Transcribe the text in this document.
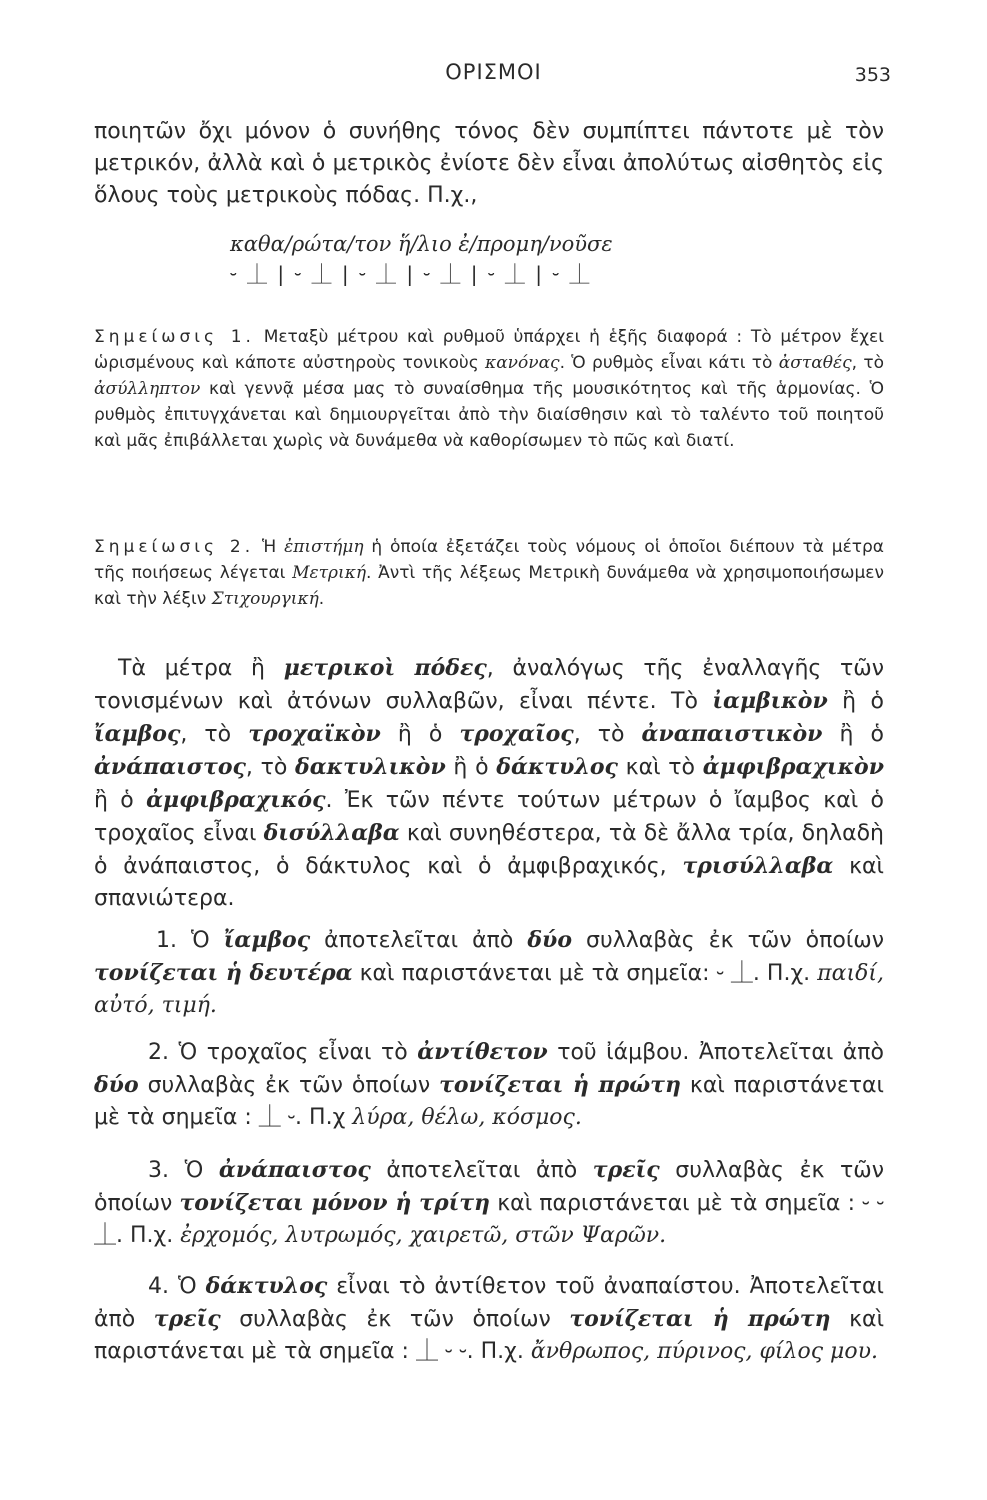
ΟΡΙΣΜΟΙ	353

ποιητῶν ὄχι μόνον ὁ συνήθης τόνος δὲν συμπίπτει πάντοτε μὲ τὸν μετρικόν, ἀλλὰ καὶ ὁ μετρικὸς ἐνίοτε δὲν εἶναι ἀπολύτως αἰσθητὸς εἰς ὅλους τοὺς μετρικοὺς πόδας. Π.χ.,

καθα/ρώτα/τον ἥ/λιο ἐ/προμη/νοῦσε
⏑ ⏊ | ⏑ ⏊ | ⏑ ⏊ | ⏑ ⏊ | ⏑ ⏊ | ⏑ ⏊

Σημείωσις 1. Μεταξὺ μέτρου καὶ ρυθμοῦ ὑπάρχει ἡ ἑξῆς διαφορά : Τὸ μέτρον ἔχει ὡρισμένους καὶ κάποτε αὐστηροὺς τονικοὺς κανόνας. Ὁ ρυθμὸς εἶναι κάτι τὸ ἀσταθές, τὸ ἀσύλληπτον καὶ γεννᾷ μέσα μας τὸ συναίσθημα τῆς μουσικότητος καὶ τῆς ἁρμονίας. Ὁ ρυθμὸς ἐπιτυγχάνεται καὶ δημιουργεῖται ἀπὸ τὴν διαίσθησιν καὶ τὸ ταλέντο τοῦ ποιητοῦ καὶ μᾶς ἐπιβάλλεται χωρὶς νὰ δυνάμεθα νὰ καθορίσωμεν τὸ πῶς καὶ διατί.

Σημείωσις 2. Ἡ ἐπιστήμη ἡ ὁποία ἐξετάζει τοὺς νόμους οἱ ὁποῖοι διέπουν τὰ μέτρα τῆς ποιήσεως λέγεται Μετρική. Ἀντὶ τῆς λέξεως Μετρικὴ δυνάμεθα νὰ χρησιμοποιήσωμεν καὶ τὴν λέξιν Στιχουργική.

Τὰ μέτρα ἢ μετρικοὶ πόδες, ἀναλόγως τῆς ἐναλλαγῆς τῶν τονισμένων καὶ ἀτόνων συλλαβῶν, εἶναι πέντε. Τὸ ἰαμβικὸν ἢ ὁ ἴαμβος, τὸ τροχαϊκὸν ἢ ὁ τροχαῖος, τὸ ἀναπαιστικὸν ἢ ὁ ἀνάπαιστος, τὸ δακτυλικὸν ἢ ὁ δάκτυλος καὶ τὸ ἀμφιβραχικὸν ἢ ὁ ἀμφιβραχικός. Ἐκ τῶν πέντε τούτων μέτρων ὁ ἴαμβος καὶ ὁ τροχαῖος εἶναι δισύλλαβα καὶ συνηθέστερα, τὰ δὲ ἄλλα τρία, δηλαδὴ ὁ ἀνάπαιστος, ὁ δάκτυλος καὶ ὁ ἀμφιβραχικός, τρισύλλαβα καὶ σπανιώτερα.

1. Ὁ ἴαμβος ἀποτελεῖται ἀπὸ δύο συλλαβὰς ἐκ τῶν ὁποίων τονίζεται ἡ δευτέρα καὶ παριστάνεται μὲ τὰ σημεῖα: ⏑ ⏊. Π.χ. παιδί, αὐτό, τιμή.

2. Ὁ τροχαῖος εἶναι τὸ ἀντίθετον τοῦ ἰάμβου. Ἀποτελεῖται ἀπὸ δύο συλλαβὰς ἐκ τῶν ὁποίων τονίζεται ἡ πρώτη καὶ παριστάνεται μὲ τὰ σημεῖα : ⏊ ⏑. Π.χ λύρα, θέλω, κόσμος.

3. Ὁ ἀνάπαιστος ἀποτελεῖται ἀπὸ τρεῖς συλλαβὰς ἐκ τῶν ὁποίων τονίζεται μόνον ἡ τρίτη καὶ παριστάνεται μὲ τὰ σημεῖα : ⏑ ⏑ ⏊. Π.χ. ἐρχομός, λυτρωμός, χαιρετῶ, στῶν Ψαρῶν.

4. Ὁ δάκτυλος εἶναι τὸ ἀντίθετον τοῦ ἀναπαίστου. Ἀποτελεῖται ἀπὸ τρεῖς συλλαβὰς ἐκ τῶν ὁποίων τονίζεται ἡ πρώτη καὶ παριστάνεται μὲ τὰ σημεῖα : ⏊ ⏑ ⏑. Π.χ. ἄνθρωπος, πύρινος, φίλος μου.
